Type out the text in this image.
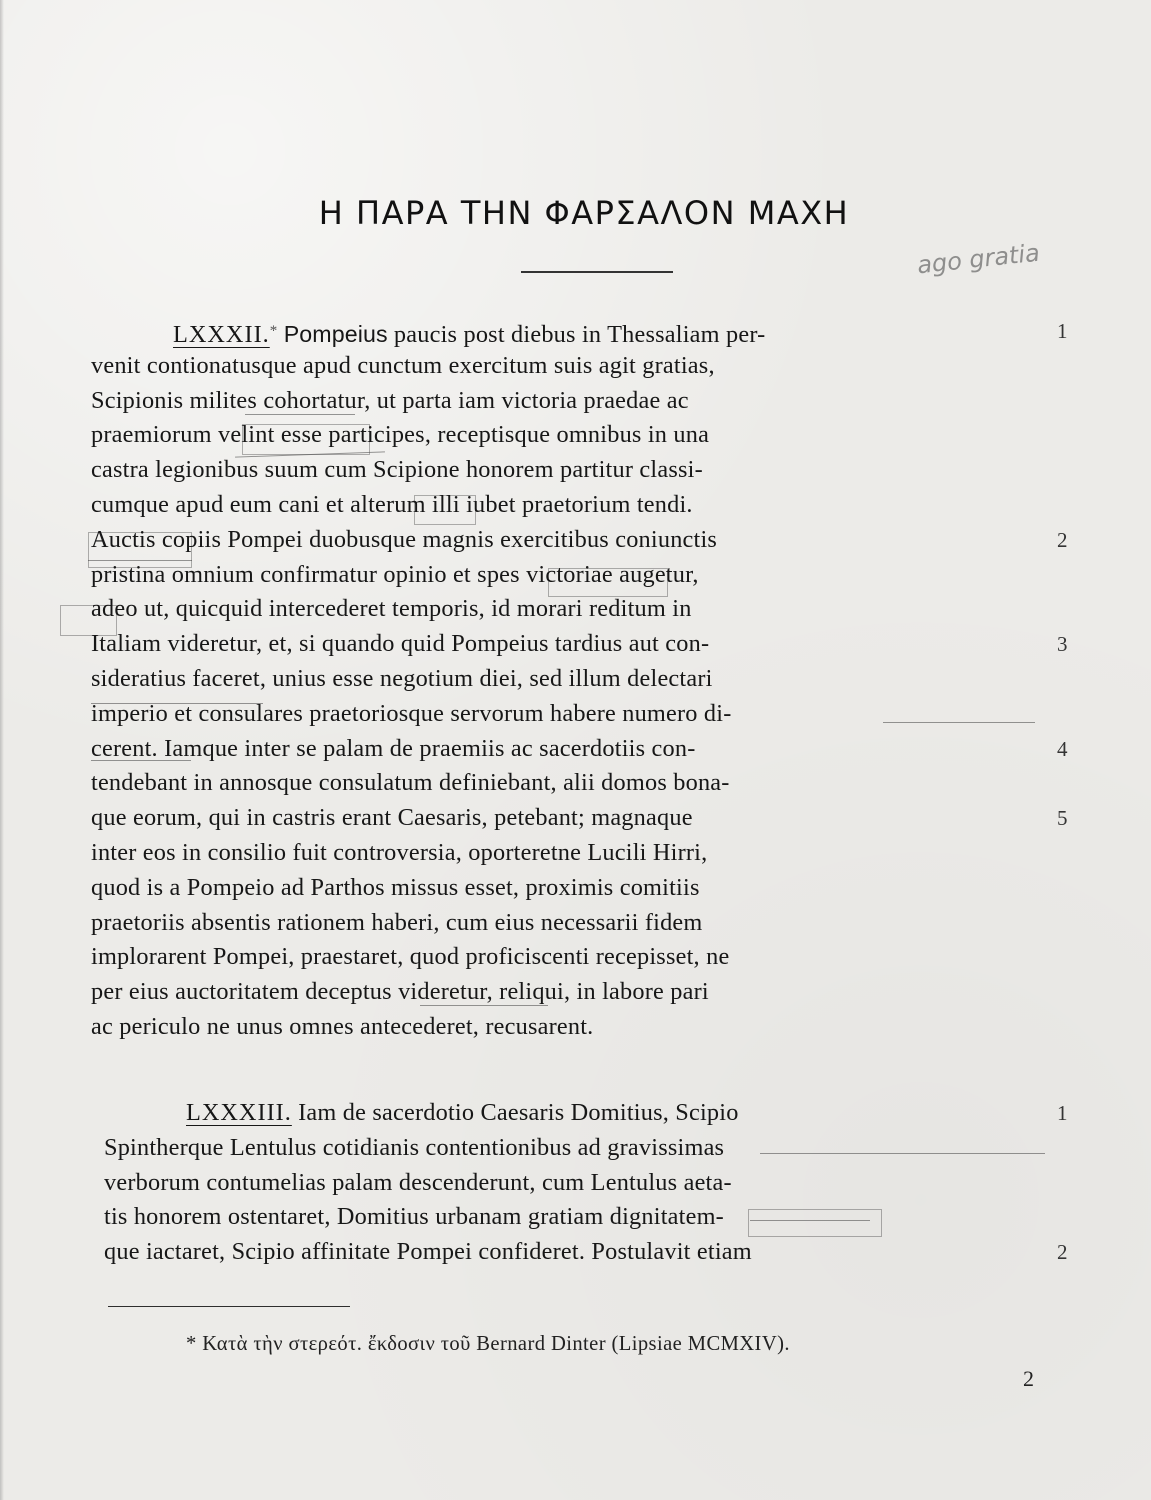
Η ΠΑΡΑ ΤΗΝ ΦΑΡΣΑΛΟΝ ΜΑΧΗ
ago gratia
LXXXII.* Pompeius paucis post diebus in Thessaliam per-
venit contionatusque apud cunctum exercitum suis agit gratias,
Scipionis milites cohortatur, ut parta iam victoria praedae ac
praemiorum velint esse participes, receptisque omnibus in una
castra legionibus suum cum Scipione honorem partitur classi-
cumque apud eum cani et alterum illi iubet praetorium tendi.
Auctis copiis Pompei duobusque magnis exercitibus coniunctis
pristina omnium confirmatur opinio et spes victoriae augetur,
adeo ut, quicquid intercederet temporis, id morari reditum in
Italiam videretur, et, si quando quid Pompeius tardius aut con-
sideratius faceret, unius esse negotium diei, sed illum delectari
imperio et consulares praetoriosque servorum habere numero di-
cerent. Iamque inter se palam de praemiis ac sacerdotiis con-
tendebant in annosque consulatum definiebant, alii domos bona-
que eorum, qui in castris erant Caesaris, petebant; magnaque
inter eos in consilio fuit controversia, oporteretne Lucili Hirri,
quod is a Pompeio ad Parthos missus esset, proximis comitiis
praetoriis absentis rationem haberi, cum eius necessarii fidem
implorarent Pompei, praestaret, quod proficiscenti recepisset, ne
per eius auctoritatem deceptus videretur, reliqui, in labore pari
ac periculo ne unus omnes antecederet, recusarent.
LXXXIII. Iam de sacerdotio Caesaris Domitius, Scipio
Spintherque Lentulus cotidianis contentionibus ad gravissimas
verborum contumelias palam descenderunt, cum Lentulus aeta-
tis honorem ostentaret, Domitius urbanam gratiam dignitatem-
que iactaret, Scipio affinitate Pompei confideret. Postulavit etiam
1
2
3
4
5
1
2

* Κατὰ τὴν στερεότ. ἔκδοσιν τοῦ Bernard Dinter (Lipsiae MCMXIV).

2
